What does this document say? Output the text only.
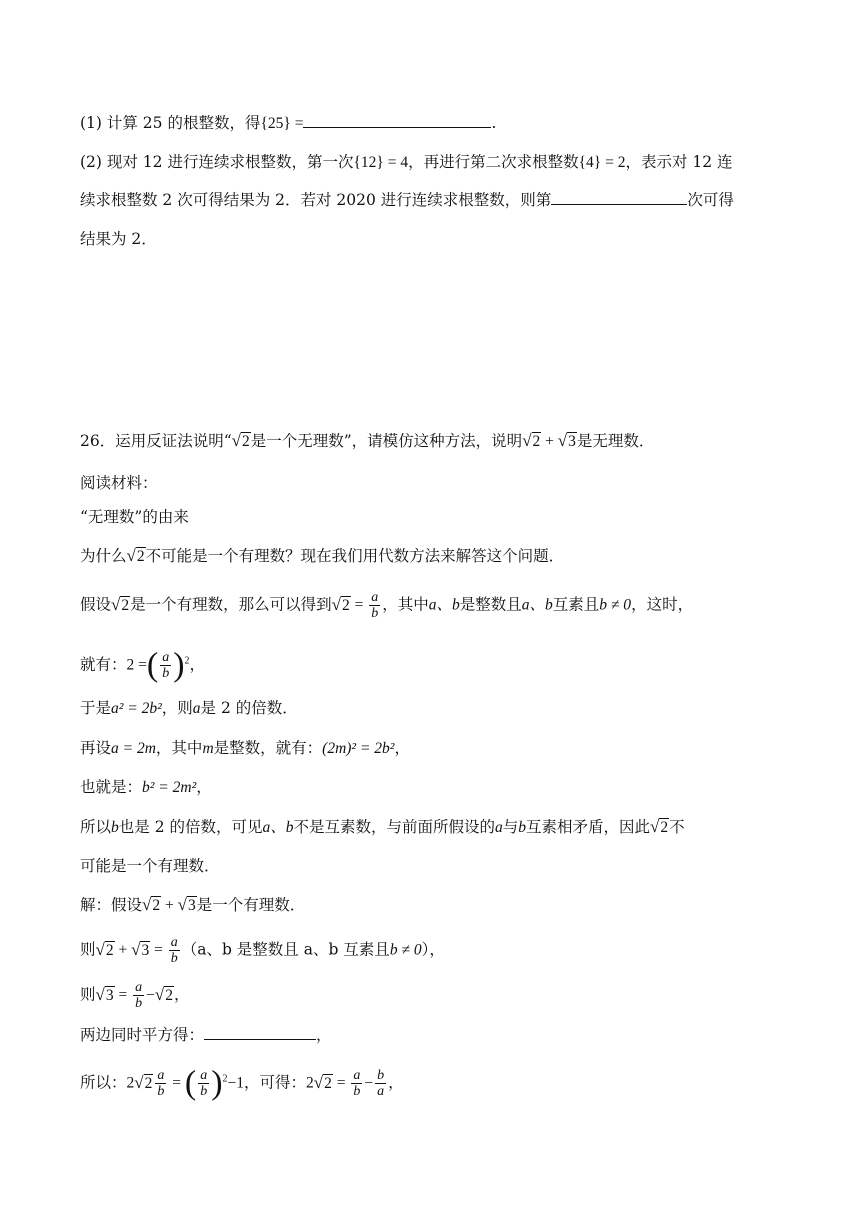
(1) 计算 25 的根整数，得{25} =	.
(2) 现对 12 进行连续求根整数，第一次{12} = 4，再进行第二次求根整数{4} = 2，表示对 12 连
续求根整数 2 次可得结果为 2．若对 2020 进行连续求根整数，则第	次可得
结果为 2．
26．运用反证法说明“√2是一个无理数”，请模仿这种方法，说明√2 + √3是无理数．
阅读材料：
“无理数”的由来
为什么√2不可能是一个有理数？现在我们用代数方法来解答这个问题．
假设√2是一个有理数，那么可以得到$√2 = \frac{a}{b}$ ，其中a、b是整数且a、b互素且b ≠ 0，这时，
就有：2 =( $\frac{a}{b} )^2$，
于是a² = 2b²，则a是 2 的倍数．
再设a = 2m，其中m是整数，就有：(2m)² = 2b²，
也就是：b² = 2m²，
所以b也是 2 的倍数，可见a、b不是互素数，与前面所假设的a与b互素相矛盾，因此√2不
可能是一个有理数．
解：假设√2 + √3是一个有理数．
则$√2 + √3 = \frac{a}{b} (a$、b 是整数且 a、b 互素且b ≠ 0），
则$√3 = \frac{a}{b} -√2$，
两边同时平方得：	，
所以：$2√2 \frac{a}{b}$ = ( $\frac{a}{b} )^2-1$，可得：$2√2 = \frac{a}{b} - \frac{b}{a}$ ，
